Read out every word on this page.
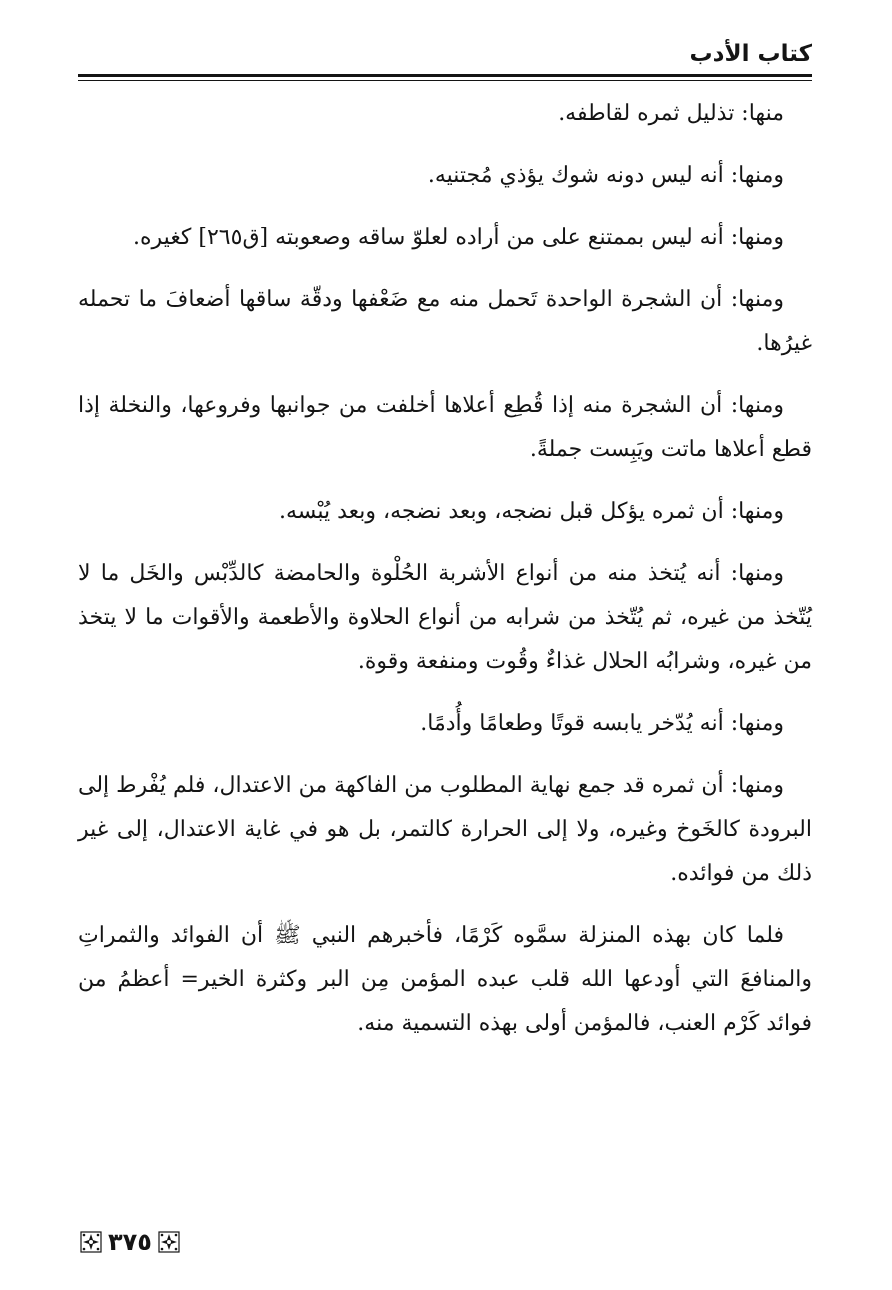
كتاب الأدب

منها: تذليل ثمره لقاطفه.

ومنها: أنه ليس دونه شوك يؤذي مُجتنيه.

ومنها: أنه ليس بممتنع على من أراده لعلوّ ساقه وصعوبته [ق٢٦٥] كغيره.

ومنها: أن الشجرة الواحدة تَحمل منه مع ضَعْفها ودقّة ساقها أضعافَ ما تحمله غيرُها.

ومنها: أن الشجرة منه إذا قُطِع أعلاها أخلفت من جوانبها وفروعها، والنخلة إذا قطع أعلاها ماتت ويَبِست جملةً.

ومنها: أن ثمره يؤكل قبل نضجه، وبعد نضجه، وبعد يُبْسه.

ومنها: أنه يُتخذ منه من أنواع الأشربة الحُلْوة والحامضة كالدِّبْس والخَل ما لا يُتّخذ من غيره، ثم يُتّخذ من شرابه من أنواع الحلاوة والأطعمة والأقوات ما لا يتخذ من غيره، وشرابُه الحلال غذاءٌ وقُوت ومنفعة وقوة.

ومنها: أنه يُدّخر يابسه قوتًا وطعامًا وأُدمًا.

ومنها: أن ثمره قد جمع نهاية المطلوب من الفاكهة من الاعتدال، فلم يُفْرط إلى البرودة كالخَوخ وغيره، ولا إلى الحرارة كالتمر، بل هو في غاية الاعتدال، إلى غير ذلك من فوائده.

فلما كان بهذه المنزلة سمَّوه كَرْمًا، فأخبرهم النبي ﷺ أن الفوائد والثمراتِ والمنافعَ التي أودعها الله قلب عبده المؤمن مِن البر وكثرة الخير= أعظمُ من فوائد كَرْم العنب، فالمؤمن أولى بهذه التسمية منه.

٣٧٥
